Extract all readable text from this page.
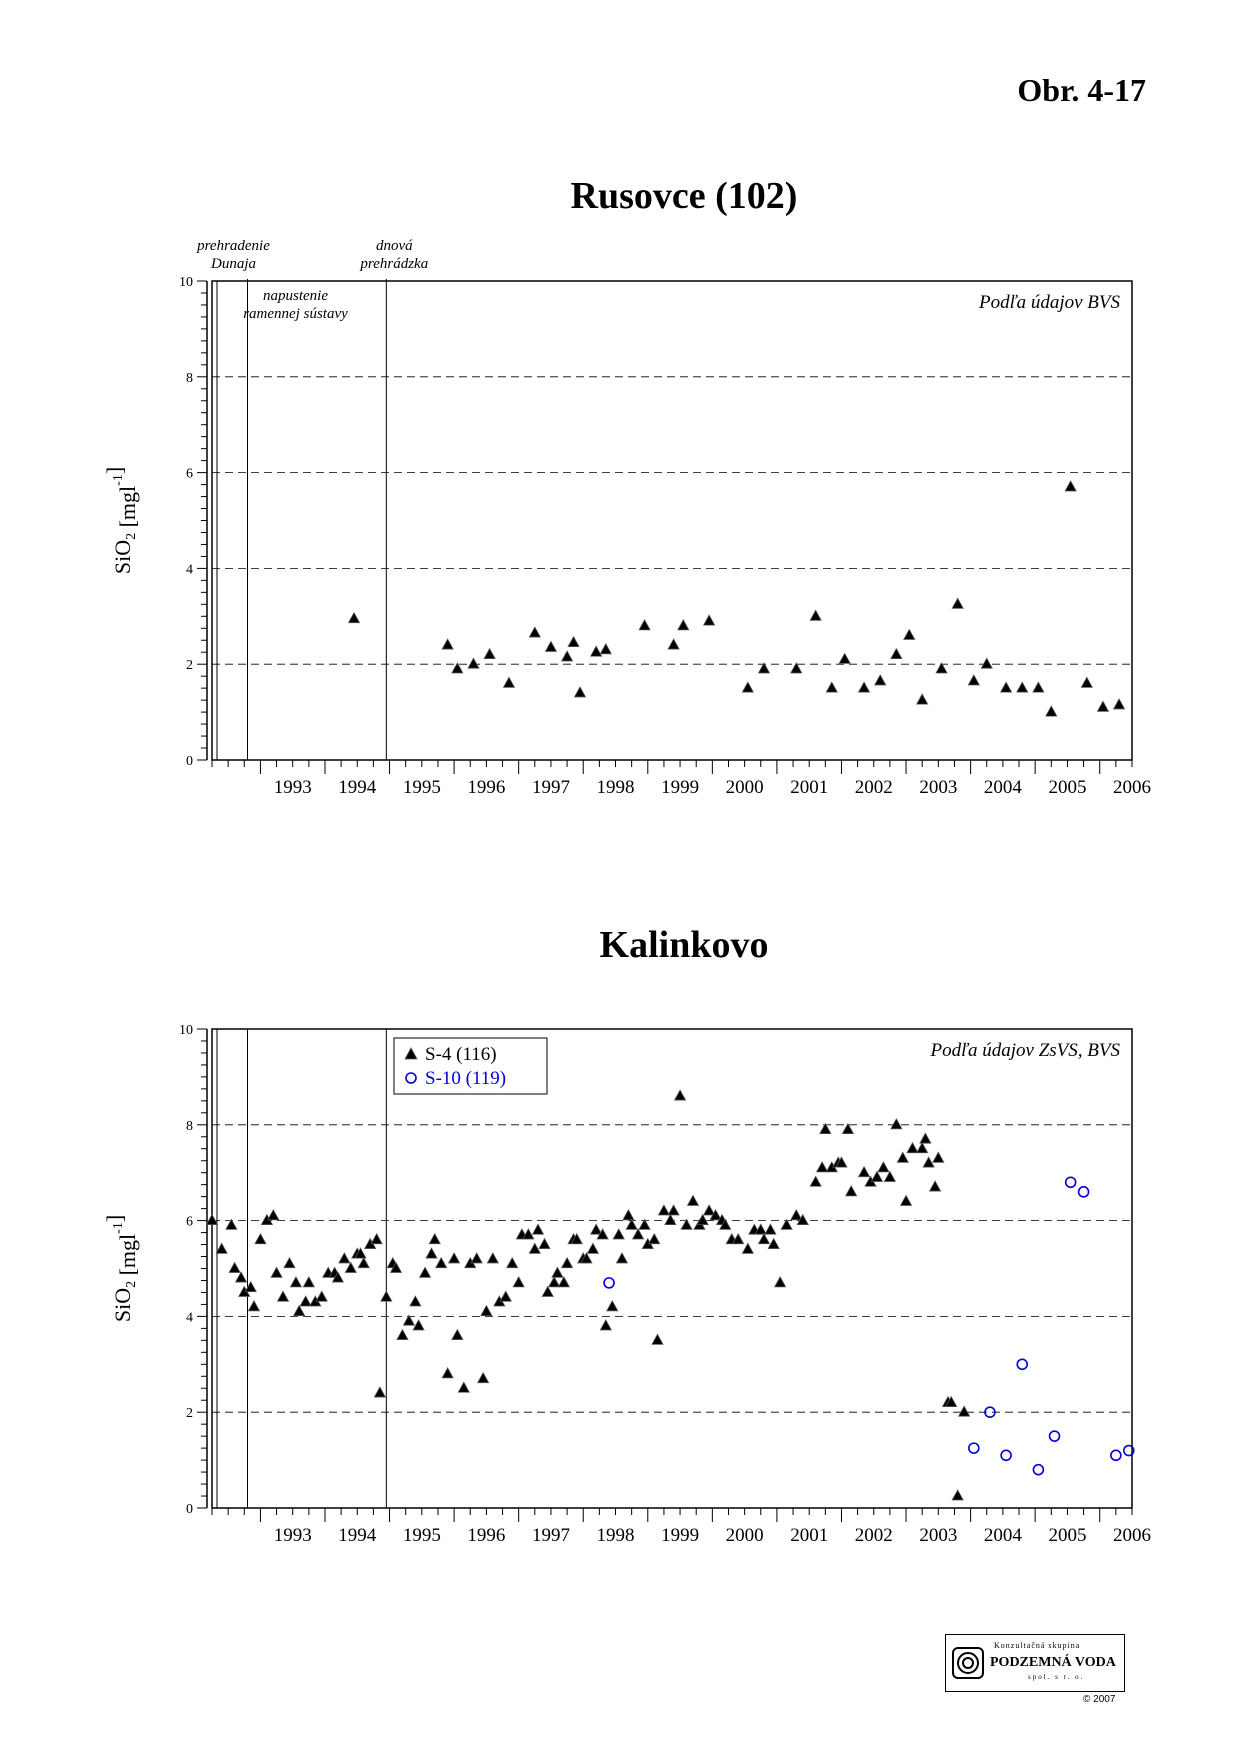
Obr. 4-17
Rusovce (102)
0
2
4
6
8
10
1993 1994 1995 1996 1997 1998 1999 2000 2001 2002 2003 2004 2005 2006
SiO$_2$ [mgl$^{-1}$]
prehradenie
Dunaja
napustenie
ramennej sústavy
dnová
prehrádzka
Podľa údajov BVS
Kalinkovo
0
2
4
6
8
10
1993 1994 1995 1996 1997 1998 1999 2000 2001 2002 2003 2004 2005 2006
SiO$_2$ [mgl$^{-1}$]
Podľa údajov ZsVS, BVS
S-4 (116)
S-10 (119)
Konzultačná skupina
PODZEMNÁ VODA
spol. s r. o.
© 2007
